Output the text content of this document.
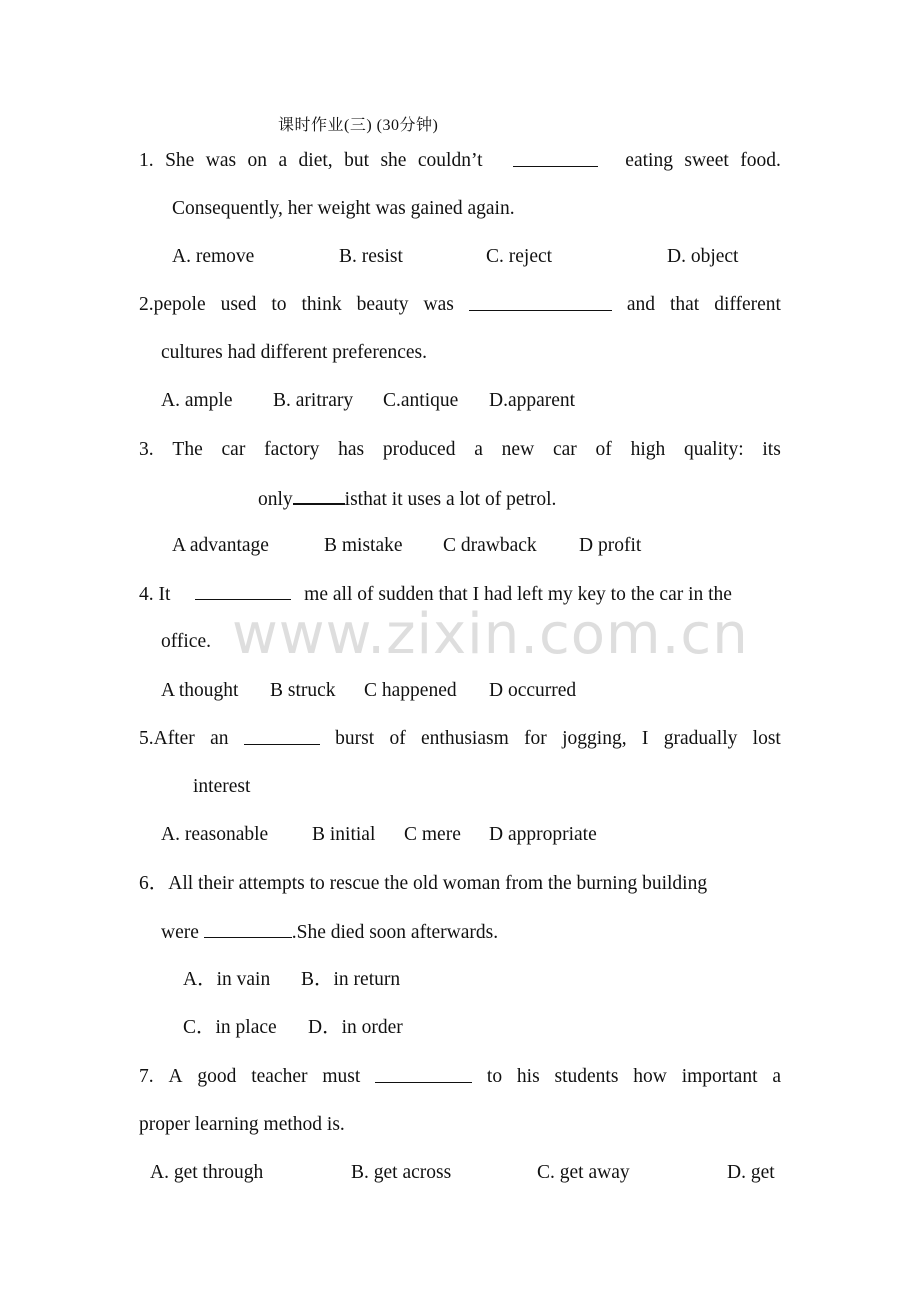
课时作业(三) (30分钟)
1. She was on a diet, but she couldn’t	eating sweet food.
Consequently, her weight was gained again.
A. remove	B. resist	C. reject	D. object
2.pepole used to think beauty was	and that different
cultures had different preferences.
A. ample B. aritrary C.antique D.apparent
3. The car factory has produced a new car of high quality: its
only	isthat it uses a lot of petrol.
A advantage	B mistake C drawback D profit
4. It	me all of sudden that I had left my key to the car in the
office.
A thought B struck C happened D occurred
5.After an	burst of enthusiasm for jogging, I gradually lost
interest
A. reasonable B initial C mere D appropriate
6．All their attempts to rescue the old woman from the burning building
were	.She died soon afterwards.
A．in vain B．in return
C．in place D．in order
7. A good teacher must	to his students how important a
proper learning method is.
A. get through	B. get across	C. get away	D. get
www.zixin.com.cn
